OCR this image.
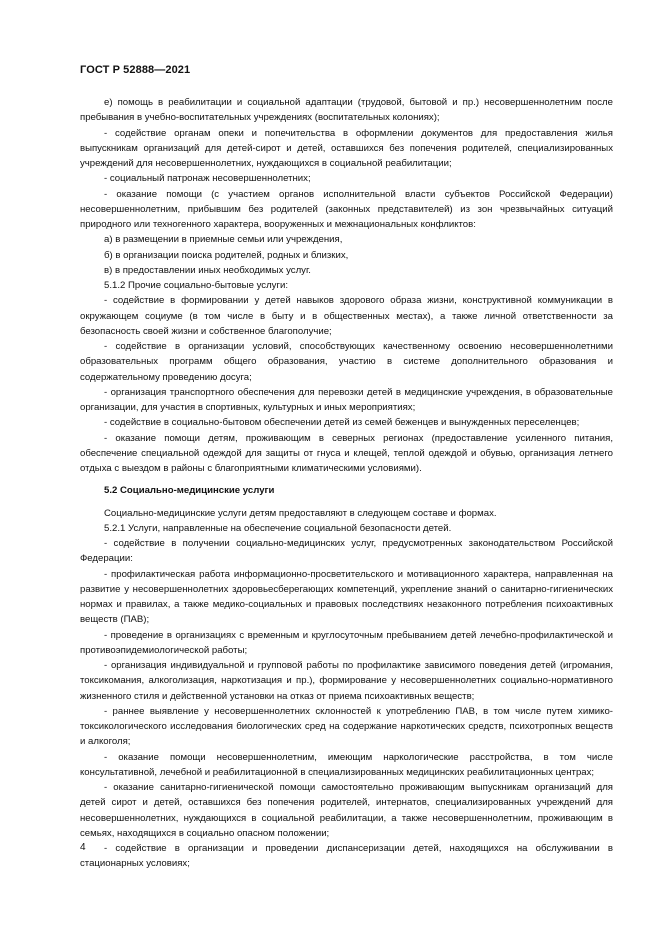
ГОСТ Р 52888—2021

е) помощь в реабилитации и социальной адаптации (трудовой, бытовой и пр.) несовершеннолетним после пребывания в учебно-воспитательных учреждениях (воспитательных колониях);

- содействие органам опеки и попечительства в оформлении документов для предоставления жилья выпускникам организаций для детей-сирот и детей, оставшихся без попечения родителей, специализированных учреждений для несовершеннолетних, нуждающихся в социальной реабилитации;

- социальный патронаж несовершеннолетних;

- оказание помощи (с участием органов исполнительной власти субъектов Российской Федерации) несовершеннолетним, прибывшим без родителей (законных представителей) из зон чрезвычайных ситуаций природного или техногенного характера, вооруженных и межнациональных конфликтов:

а) в размещении в приемные семьи или учреждения,

б) в организации поиска родителей, родных и близких,

в) в предоставлении иных необходимых услуг.

5.1.2 Прочие социально-бытовые услуги:

- содействие в формировании у детей навыков здорового образа жизни, конструктивной коммуникации в окружающем социуме (в том числе в быту и в общественных местах), а также личной ответственности за безопасность своей жизни и собственное благополучие;

- содействие в организации условий, способствующих качественному освоению несовершеннолетними образовательных программ общего образования, участию в системе дополнительного образования и содержательному проведению досуга;

- организация транспортного обеспечения для перевозки детей в медицинские учреждения, в образовательные организации, для участия в спортивных, культурных и иных мероприятиях;

- содействие в социально-бытовом обеспечении детей из семей беженцев и вынужденных переселенцев;

- оказание помощи детям, проживающим в северных регионах (предоставление усиленного питания, обеспечение специальной одеждой для защиты от гнуса и клещей, теплой одеждой и обувью, организация летнего отдыха с выездом в районы с благоприятными климатическими условиями).

5.2 Социально-медицинские услуги

Социально-медицинские услуги детям предоставляют в следующем составе и формах.

5.2.1 Услуги, направленные на обеспечение социальной безопасности детей.

- содействие в получении социально-медицинских услуг, предусмотренных законодательством Российской Федерации:

- профилактическая работа информационно-просветительского и мотивационного характера, направленная на развитие у несовершеннолетних здоровьесберегающих компетенций, укрепление знаний о санитарно-гигиенических нормах и правилах, а также медико-социальных и правовых последствиях незаконного потребления психоактивных веществ (ПАВ);

- проведение в организациях с временным и круглосуточным пребыванием детей лечебно-профилактической и противоэпидемиологической работы;

- организация индивидуальной и групповой работы по профилактике зависимого поведения детей (игромания, токсикомания, алкоголизация, наркотизация и пр.), формирование у несовершеннолетних социально-нормативного жизненного стиля и действенной установки на отказ от приема психоактивных веществ;

- раннее выявление у несовершеннолетних склонностей к употреблению ПАВ, в том числе путем химико-токсикологического исследования биологических сред на содержание наркотических средств, психотропных веществ и алкоголя;

- оказание помощи несовершеннолетним, имеющим наркологические расстройства, в том числе консультативной, лечебной и реабилитационной в специализированных медицинских реабилитационных центрах;

- оказание санитарно-гигиенической помощи самостоятельно проживающим выпускникам организаций для детей сирот и детей, оставшихся без попечения родителей, интернатов, специализированных учреждений для несовершеннолетних, нуждающихся в социальной реабилитации, а также несовершеннолетним, проживающим в семьях, находящихся в социально опасном положении;

- содействие в организации и проведении диспансеризации детей, находящихся на обслуживании в стационарных условиях;

4
